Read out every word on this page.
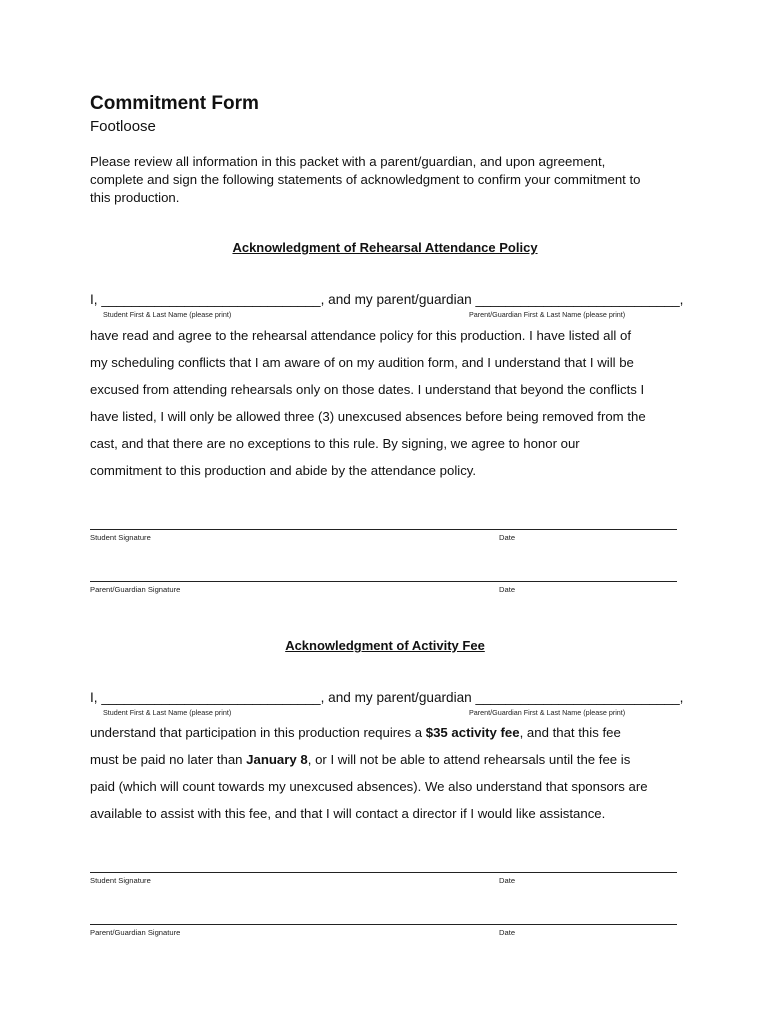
Commitment Form
Footloose
Please review all information in this packet with a parent/guardian, and upon agreement,
complete and sign the following statements of acknowledgment to confirm your commitment to
this production.
Acknowledgment of Rehearsal Attendance Policy
I, _____________________________, and my parent/guardian ___________________________,
Student First & Last Name (please print)	Parent/Guardian First & Last Name (please print)
have read and agree to the rehearsal attendance policy for this production. I have listed all of
my scheduling conflicts that I am aware of on my audition form, and I understand that I will be
excused from attending rehearsals only on those dates. I understand that beyond the conflicts I
have listed, I will only be allowed three (3) unexcused absences before being removed from the
cast, and that there are no exceptions to this rule. By signing, we agree to honor our
commitment to this production and abide by the attendance policy.
Student Signature	Date
Parent/Guardian Signature	Date
Acknowledgment of Activity Fee
I, _____________________________, and my parent/guardian ___________________________,
Student First & Last Name (please print)	Parent/Guardian First & Last Name (please print)
understand that participation in this production requires a $35 activity fee, and that this fee
must be paid no later than January 8, or I will not be able to attend rehearsals until the fee is
paid (which will count towards my unexcused absences). We also understand that sponsors are
available to assist with this fee, and that I will contact a director if I would like assistance.
Student Signature	Date
Parent/Guardian Signature	Date
